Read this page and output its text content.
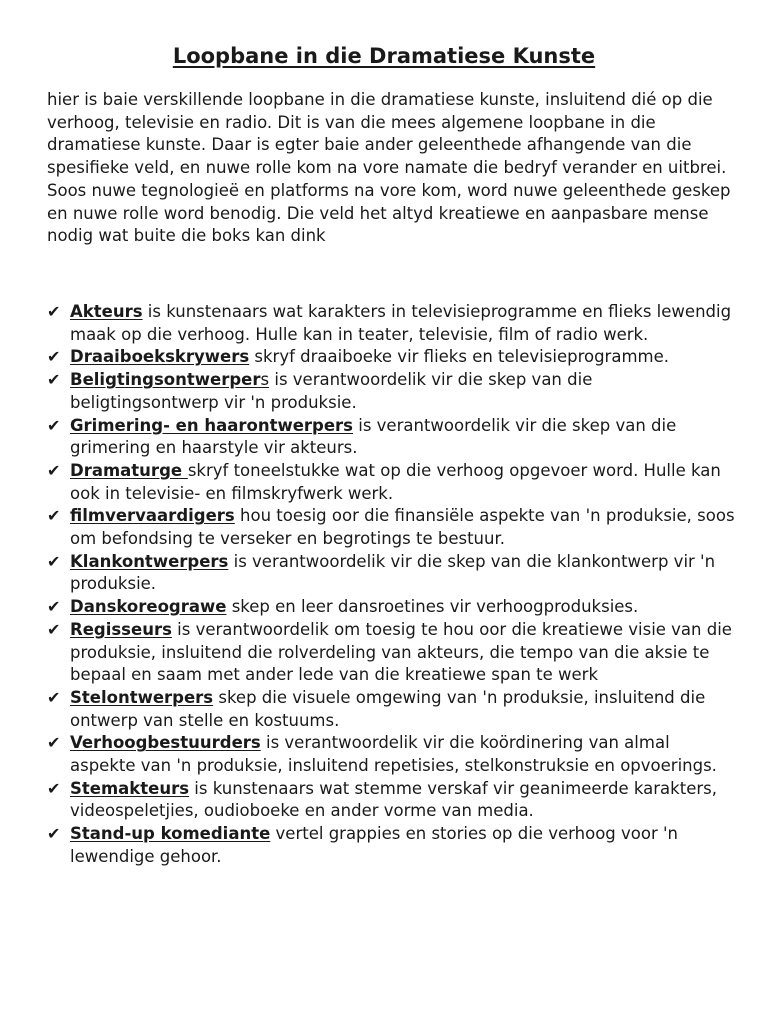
Loopbane in die Dramatiese Kunste

hier is baie verskillende loopbane in die dramatiese kunste, insluitend dié op die verhoog, televisie en radio. Dit is van die mees algemene loopbane in die dramatiese kunste. Daar is egter baie ander geleenthede afhangende van die spesifieke veld, en nuwe rolle kom na vore namate die bedryf verander en uitbrei. Soos nuwe tegnologieë en platforms na vore kom, word nuwe geleenthede geskep en nuwe rolle word benodig. Die veld het altyd kreatiewe en aanpasbare mense nodig wat buite die boks kan dink

✔ Akteurs is kunstenaars wat karakters in televisieprogramme en flieks lewendig maak op die verhoog. Hulle kan in teater, televisie, film of radio werk.
✔ Draaiboekskrywers skryf draaiboeke vir flieks en televisieprogramme.
✔ Beligtingsontwerpers is verantwoordelik vir die skep van die beligtingsontwerp vir 'n produksie.
✔ Grimering- en haarontwerpers is verantwoordelik vir die skep van die grimering en haarstyle vir akteurs.
✔ Dramaturge skryf toneelstukke wat op die verhoog opgevoer word. Hulle kan ook in televisie- en filmskryfwerk werk.
✔ filmvervaardigers hou toesig oor die finansiële aspekte van 'n produksie, soos om befondsing te verseker en begrotings te bestuur.
✔ Klankontwerpers is verantwoordelik vir die skep van die klankontwerp vir 'n produksie.
✔ Danskoreograwe skep en leer dansroetines vir verhoogproduksies.
✔ Regisseurs is verantwoordelik om toesig te hou oor die kreatiewe visie van die produksie, insluitend die rolverdeling van akteurs, die tempo van die aksie te bepaal en saam met ander lede van die kreatiewe span te werk
✔ Stelontwerpers skep die visuele omgewing van 'n produksie, insluitend die ontwerp van stelle en kostuums.
✔ Verhoogbestuurders is verantwoordelik vir die koördinering van almal aspekte van 'n produksie, insluitend repetisies, stelkonstruksie en opvoerings.
✔ Stemakteurs is kunstenaars wat stemme verskaf vir geanimeerde karakters, videospeletjies, oudioboeke en ander vorme van media.
✔ Stand-up komediante vertel grappies en stories op die verhoog voor 'n lewendige gehoor.
